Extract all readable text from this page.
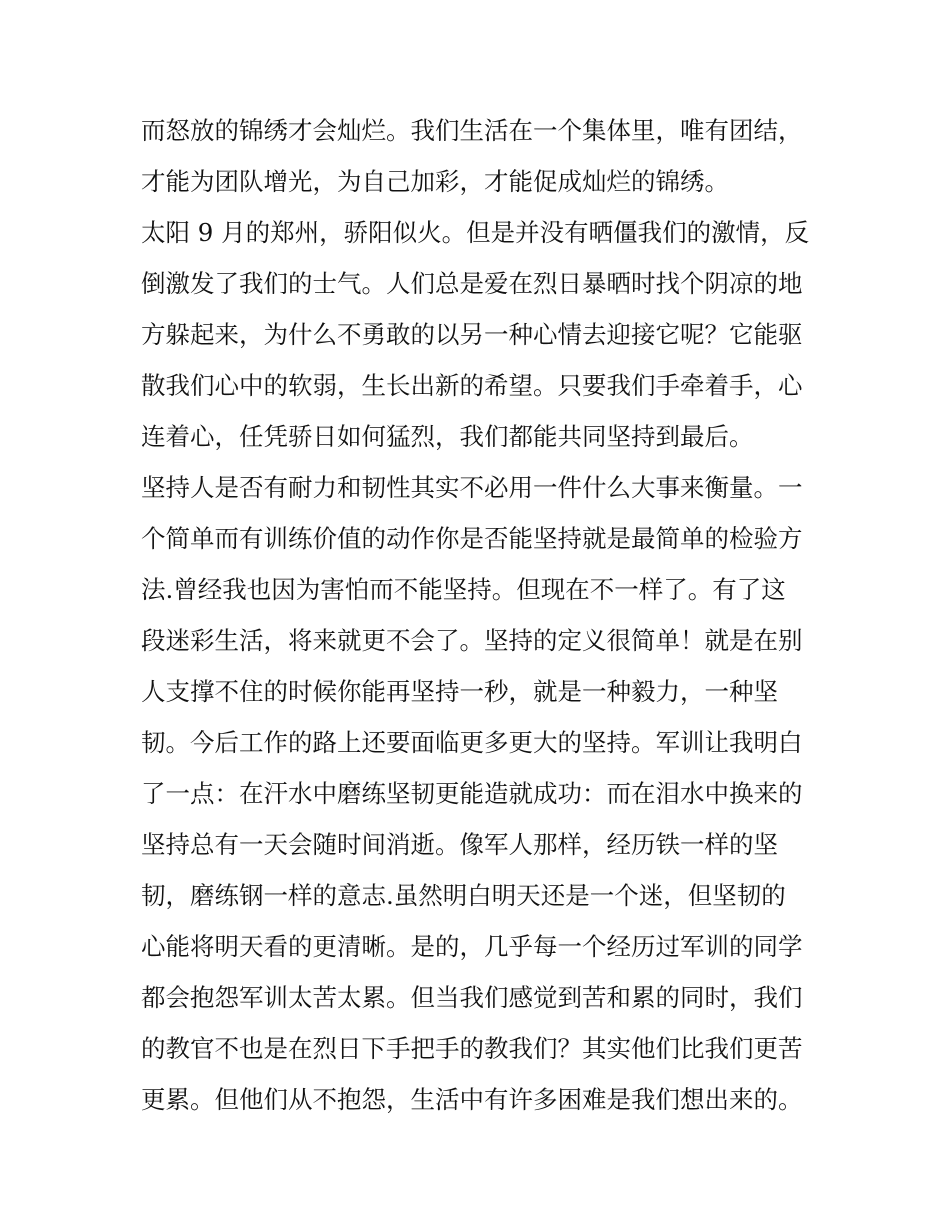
而怒放的锦绣才会灿烂。我们生活在一个集体里，唯有团结，
才能为团队增光，为自己加彩，才能促成灿烂的锦绣。
太阳 9 月的郑州，骄阳似火。但是并没有晒僵我们的激情，反
倒激发了我们的士气。人们总是爱在烈日暴晒时找个阴凉的地
方躲起来，为什么不勇敢的以另一种心情去迎接它呢？它能驱
散我们心中的软弱，生长出新的希望。只要我们手牵着手，心
连着心，任凭骄日如何猛烈，我们都能共同坚持到最后。
坚持人是否有耐力和韧性其实不必用一件什么大事来衡量。一
个简单而有训练价值的动作你是否能坚持就是最简单的检验方
法.曾经我也因为害怕而不能坚持。但现在不一样了。有了这
段迷彩生活，将来就更不会了。坚持的定义很简单！就是在别
人支撑不住的时候你能再坚持一秒，就是一种毅力，一种坚
韧。今后工作的路上还要面临更多更大的坚持。军训让我明白
了一点：在汗水中磨练坚韧更能造就成功：而在泪水中换来的
坚持总有一天会随时间消逝。像军人那样，经历铁一样的坚
韧，磨练钢一样的意志.虽然明白明天还是一个迷，但坚韧的
心能将明天看的更清晰。是的，几乎每一个经历过军训的同学
都会抱怨军训太苦太累。但当我们感觉到苦和累的同时，我们
的教官不也是在烈日下手把手的教我们？其实他们比我们更苦
更累。但他们从不抱怨，生活中有许多困难是我们想出来的。
